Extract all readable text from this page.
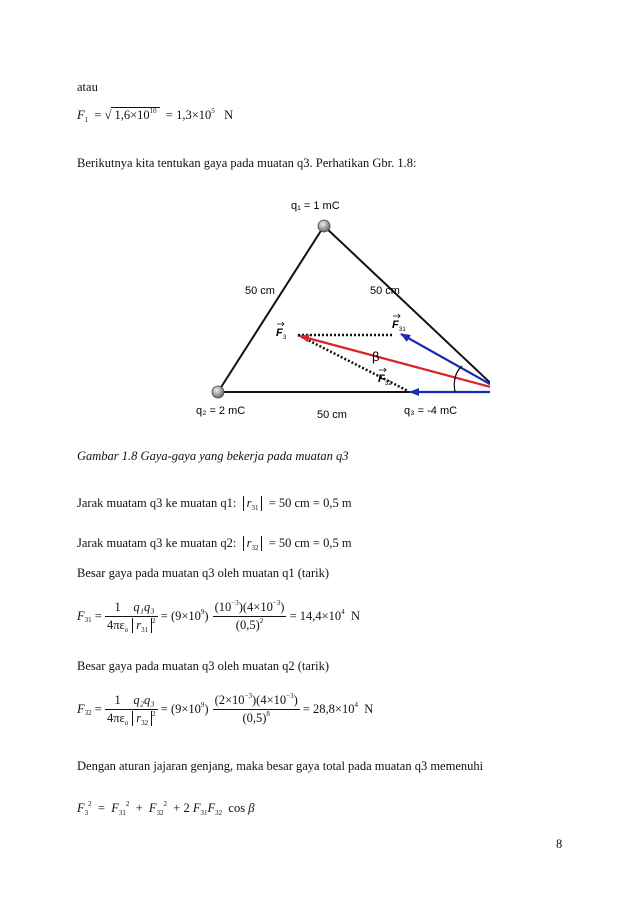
atau
$F_1$  = √ $1,6\times 10^{10} = 1,3\times 10^5$ N
Berikutnya kita tentukan gaya pada muatan q3. Perhatikan Gbr. 1.8:
q₁ = 1 mC
q₂ = 2 mC	q₃ = -4 mC
50 cm	50 cm
50 cm
F 3
F 31
F 32
β
Gambar 1.8 Gaya-gaya yang bekerja pada muatan q3
Jarak muatam q3 ke muatan q1: $r_{31} = 50$ cm = 0,5 m
Jarak muatam q3 ke muatan q2: $r_{32} = 50$ cm = 0,5 m
Besar gaya pada muatan q3 oleh muatan q1 (tarik)
F $31 = \frac{1}{4\pi\varepsilon_o} \frac{\text{q₁q₃}}{r_{31}^2}$
= $(9\times 10^9) \frac{(10^{-3})(4\times 10^{-3})}{(0,5)^2}$
= $14,4\times 10^4$
N
Besar gaya pada muatan q3 oleh muatan q2 (tarik)
F $32 = \frac{1}{4\pi\varepsilon_o} \frac{\text{q₂q₃}}{r_{32}^2}$
= $(9\times 10^9) \frac{(2\times 10^{-3})(4\times 10^{-3})}{(0,5)^8}$
= $28,8\times 10^4$
N
Dengan aturan jajaran genjang, maka besar gaya total pada muatan q3 memenuhi
$F_3^2 = F_{31}^2 + F_{32}^2 + 2$ $F_{31}F_{32}$ cos β
8
